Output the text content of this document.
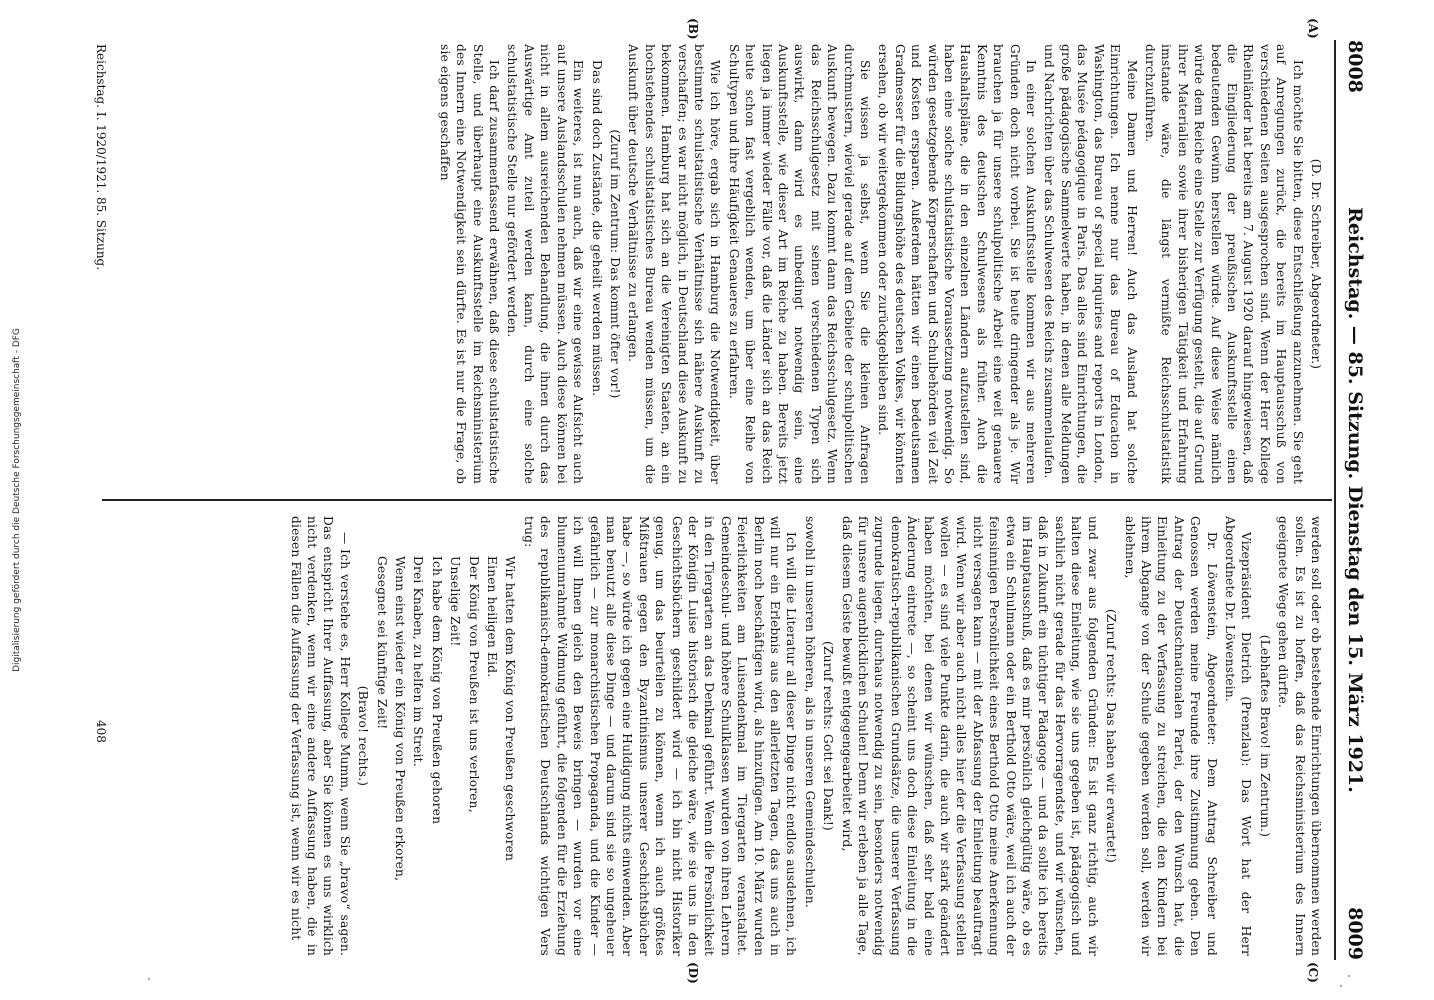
Digitalisierung gefördert durch die Deutsche Forschungsgemeinschaft - DFG
8008
Reichstag. — 85. Sitzung. Dienstag den 15. März 1921.
8009
(A)
(B)
(C)
(D)

(D. Dr. Schreiber, Abgeordneter.)

Ich möchte Sie bitten, diese Entschließung anzunehmen. Sie geht auf Anregungen zurück, die bereits im Hauptausschuß von verschiedenen Seiten ausgesprochen sind. Wenn der Herr Kollege Rheinländer hat bereits am 7. August 1920 darauf hingewiesen, daß die Eingliederung der preußischen Auskunftsstelle einen bedeutenden Gewinn herstellen würde. Auf diese Weise nämlich würde dem Reiche eine Stelle zur Verfügung gestellt, die auf Grund ihrer Materialien sowie ihrer bisherigen Tätigkeit und Erfahrung imstande wäre, die längst vermißte Reichsschulstatistik durchzuführen.

Meine Damen und Herren! Auch das Ausland hat solche Einrichtungen. Ich nenne nur das Bureau of Education in Washington, das Bureau of special inquiries and reports in London, das Musée pédagogique in Paris. Das alles sind Einrichtungen, die große pädagogische Sammelwerte haben, in denen alle Meldungen und Nachrichten über das Schulwesen des Reichs zusammenlaufen.

In einer solchen Auskunftsstelle kommen wir aus mehreren Gründen doch nicht vorbei. Sie ist heute dringender als je. Wir brauchen ja für unsere schulpolitische Arbeit eine weit genauere Kenntnis des deutschen Schulwesens als früher. Auch die Haushaltspläne, die in den einzelnen Ländern aufzustellen sind, haben eine solche schulstatistische Voraussetzung notwendig. So würden gesetzgebende Körperschaften und Schulbehörden viel Zeit und Kosten ersparen. Außerdem hätten wir einen bedeutsamen Gradmesser für die Bildungshöhe des deutschen Volkes, wir könnten ersehen, ob wir weitergekommen oder zurückgeblieben sind.

Sie wissen ja selbst, wenn Sie die kleinen Anfragen durchmustern, wieviel gerade auf dem Gebiete der schulpolitischen Auskunft bewegen. Dazu kommt dann das Reichsschulgesetz. Wenn das Reichsschulgesetz mit seinen verschiedenen Typen sich auswirkt, dann wird es unbedingt notwendig sein, eine Auskunftsstelle, wie dieser Art im Reiche zu haben. Bereits jetzt liegen ja immer wieder Fälle vor, daß die Länder sich an das Reich heute schon fast vergeblich wenden, um über eine Reihe von Schultypen und ihre Häufigkeit Genaueres zu erfahren.

Wie ich höre, ergab sich in Hamburg die Notwendigkeit, über bestimmte schulstatistische Verhältnisse sich nähere Auskunft zu verschaffen; es war nicht möglich, in Deutschland diese Auskunft zu bekommen. Hamburg hat sich an die Vereinigten Staaten, an ein hochstehendes schulstatistisches Bureau wenden müssen, um die Auskunft über deutsche Verhältnisse zu erlangen.

(Zuruf im Zentrum: Das kommt öfter vor!)

Das sind doch Zustände, die geheilt werden müssen.

Ein weiteres, ist nun auch, daß wir eine gewisse Aufsicht auch auf unsere Auslandsschulen nehmen müssen. Auch diese können bei nicht in allem ausreichenden Behandlung, die ihnen durch das Auswärtige Amt zuteil werden kann, durch eine solche schulstatistische Stelle nur gefördert werden.

Ich darf zusammenfassend erwähnen, daß diese schulstatistische Stelle, und überhaupt eine Auskunftsstelle im Reichsministerium des Innern eine Notwendigkeit sein dürfte. Es ist nur die Frage, ob sie eigens geschaffen

Reichstag. I. 1920/1921. 85. Sitzung.

werden soll oder ob bestehende Einrichtungen übernommen werden sollen. Es ist zu hoffen, daß das Reichsministerium des Innern geeignete Wege gehen dürfte.

(Lebhaftes Bravo! im Zentrum.)

Vizepräsident Dietrich (Prenzlau): Das Wort hat der Herr Abgeordnete Dr. Löwenstein.

Dr. Löwenstein, Abgeordneter: Dem Antrag Schreiber und Genossen werden meine Freunde ihre Zustimmung geben. Den Antrag der Deutschnationalen Partei, der den Wunsch hat, die Einleitung zu der Verfassung zu streichen, die den Kindern bei ihrem Abgange von der Schule gegeben werden soll, werden wir ablehnen,

(Zuruf rechts: Das haben wir erwartet!)

und zwar aus folgenden Gründen: Es ist ganz richtig, auch wir halten diese Einleitung, wie sie uns gegeben ist, pädagogisch und sachlich nicht gerade für das Hervorragendste, und wir wünschen, daß in Zukunft ein tüchtiger Pädagoge — und da sollte ich bereits im Hauptausschuß, daß es mir persönlich gleichgültig wäre, ob es etwa ein Schulmann oder ein Berthold Otto wäre, weil ich auch der feinsinnigen Persönlichkeit eines Berthold Otto meine Anerkennung nicht versagen kann — mit der Abfassung der Einleitung beauftragt wird. Wenn wir aber auch nicht alles hier der die Verfassung stellen wollen — es sind viele Punkte darin, die auch wir stark geändert haben möchten, bei denen wir wünschen, daß sehr bald eine Änderung eintrete —, so scheint uns doch diese Einleitung in die demokratisch-republikanischen Grundsätze, die unserer Verfassung zugrunde liegen, durchaus notwendig zu sein, besonders notwendig für unsere augenblicklichen Schulen! Denn wir erleben ja alle Tage, daß diesem Geiste bewußt entgegengearbeitet wird,

(Zuruf rechts: Gott sei Dank!)

sowohl in unseren höheren, als in unseren Gemeindeschulen.

Ich will die Literatur all dieser Dinge nicht endlos ausdehnen, ich will nur ein Erlebnis aus den allerletzten Tagen, das uns auch in Berlin noch beschäftigen wird, als hinzufügen. Am 10. März wurden Feierlichkeiten am Luisendenkmal im Tiergarten veranstaltet. Gemeindeschul- und höhere Schulklassen wurden von ihren Lehrern in den Tiergarten an das Denkmal geführt. Wenn die Persönlichkeit der Königin Luise historisch die gleiche wäre, wie sie uns in den Geschichtsbüchern geschildert wird — ich bin nicht Historiker genug, um das beurteilen zu können, wenn ich auch größtes Mißtrauen gegen den Byzantinismus unserer Geschichtsbücher habe —, so würde ich gegen eine Huldigung nichts einwenden. Aber man benutzt alle diese Dinge — und darum sind sie so ungeheuer gefährlich — zur monarchistischen Propaganda, und die Kinder — ich will Ihnen gleich den Beweis bringen — wurden vor eine blumenumrahmte Widmung geführt, die folgenden für die Erziehung des republikanisch-demokratischen Deutschlands wichtigen Vers trug:

Wir hatten dem König von Preußen geschworen

Einen heiligen Eid.

Der König von Preußen ist uns verloren,

Unselige Zeit!

Ich habe dem König von Preußen gehoren

Drei Knaben, zu helfen im Streit.

Wenn einst wieder ein König von Preußen erkoren,

Gesegnet sei künftige Zeit!

(Bravo! rechts.)

— Ich verstehe es, Herr Kollege Mumm, wenn Sie „bravo“ sagen. Das entspricht Ihrer Auffassung, aber Sie können es uns wirklich nicht verdenken, wenn wir eine andere Auffassung haben, die in diesen Fällen die Auffassung der Verfassung ist, wenn wir es nicht

408
